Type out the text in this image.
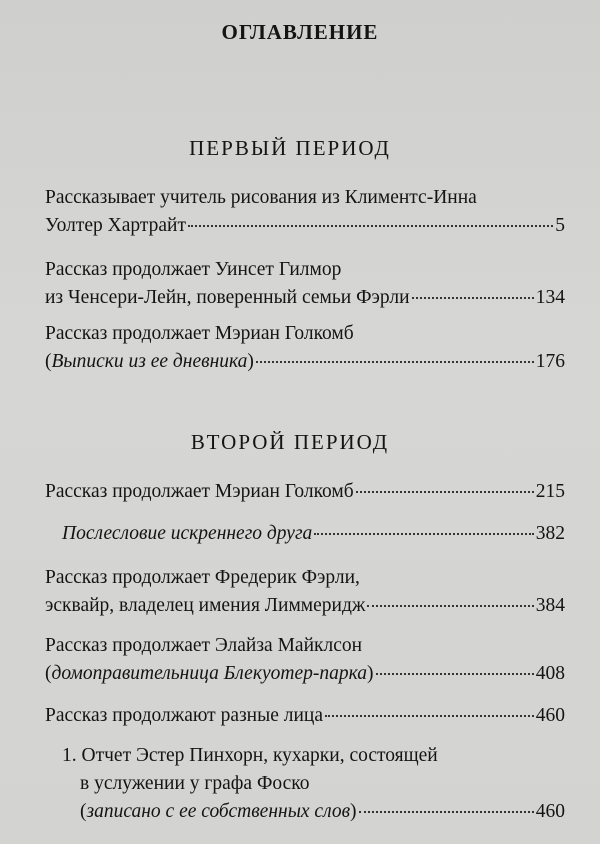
ОГЛАВЛЕНИЕ
ПЕРВЫЙ ПЕРИОД
Рассказывает учитель рисования из Климентс-Инна
Уолтер Хартрайт	5
Рассказ продолжает Уинсет Гилмор
из Ченсери-Лейн, поверенный семьи Фэрли	134
Рассказ продолжает Мэриан Голкомб
(Выписки из ее дневника)	176
ВТОРОЙ ПЕРИОД
Рассказ продолжает Мэриан Голкомб	215
Послесловие искреннего друга	382
Рассказ продолжает Фредерик Фэрли,
эсквайр, владелец имения Лиммеридж	384
Рассказ продолжает Элайза Майклсон
(домоправительница Блекуотер-парка)	408
Рассказ продолжают разные лица	460
1. Отчет Эстер Пинхорн, кухарки, состоящей
в услужении у графа Фоско
(записано с ее собственных слов)	460
